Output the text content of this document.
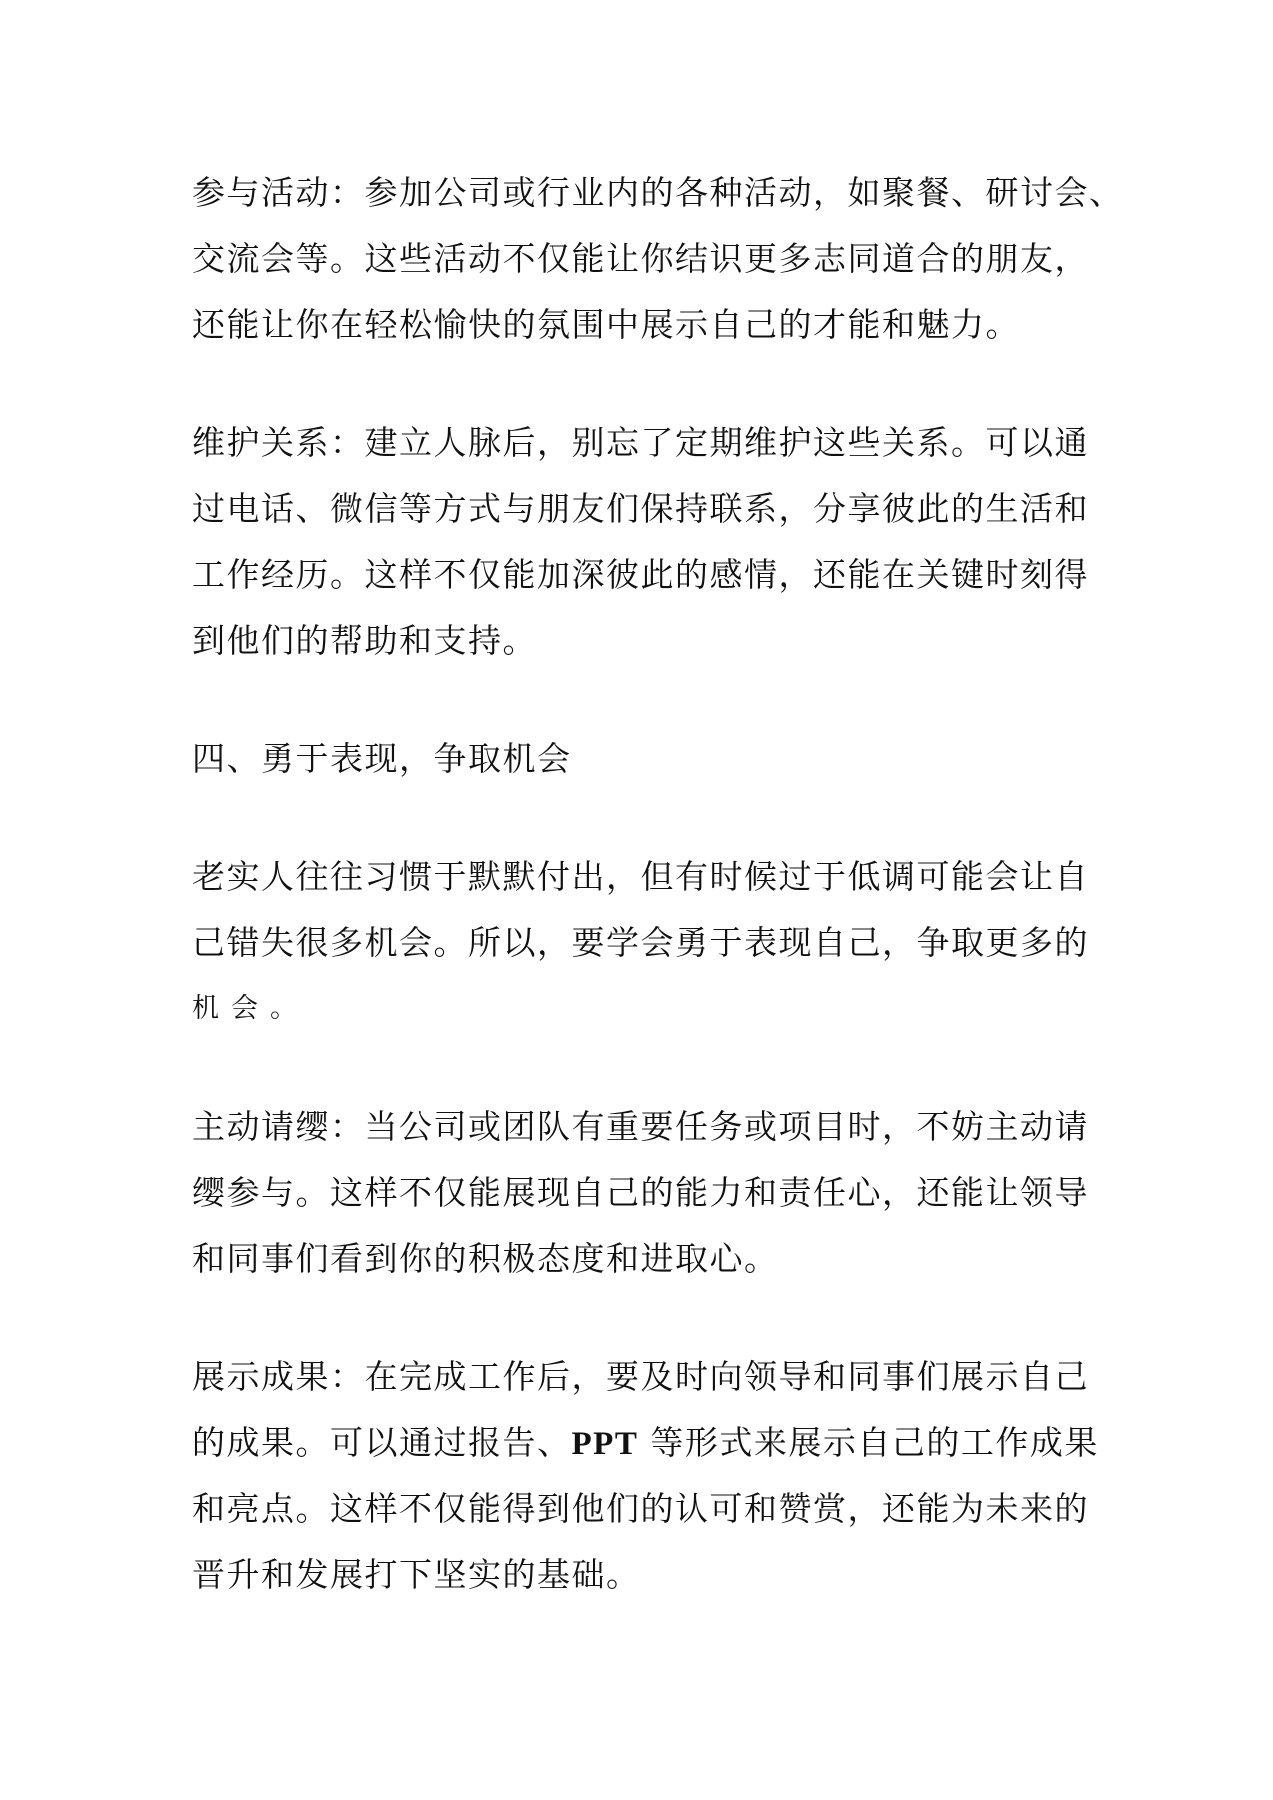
参与活动：参加公司或行业内的各种活动，如聚餐、研讨会、
交流会等。这些活动不仅能让你结识更多志同道合的朋友，
还能让你在轻松愉快的氛围中展示自己的才能和魅力。
维护关系：建立人脉后，别忘了定期维护这些关系。可以通
过电话、微信等方式与朋友们保持联系，分享彼此的生活和
工作经历。这样不仅能加深彼此的感情，还能在关键时刻得
到他们的帮助和支持。
四、勇于表现，争取机会
老实人往往习惯于默默付出，但有时候过于低调可能会让自
己错失很多机会。所以，要学会勇于表现自己，争取更多的
机会。
主动请缨：当公司或团队有重要任务或项目时，不妨主动请
缨参与。这样不仅能展现自己的能力和责任心，还能让领导
和同事们看到你的积极态度和进取心。
展示成果：在完成工作后，要及时向领导和同事们展示自己
的成果。可以通过报告、PPT 等形式来展示自己的工作成果
和亮点。这样不仅能得到他们的认可和赞赏，还能为未来的
晋升和发展打下坚实的基础。
